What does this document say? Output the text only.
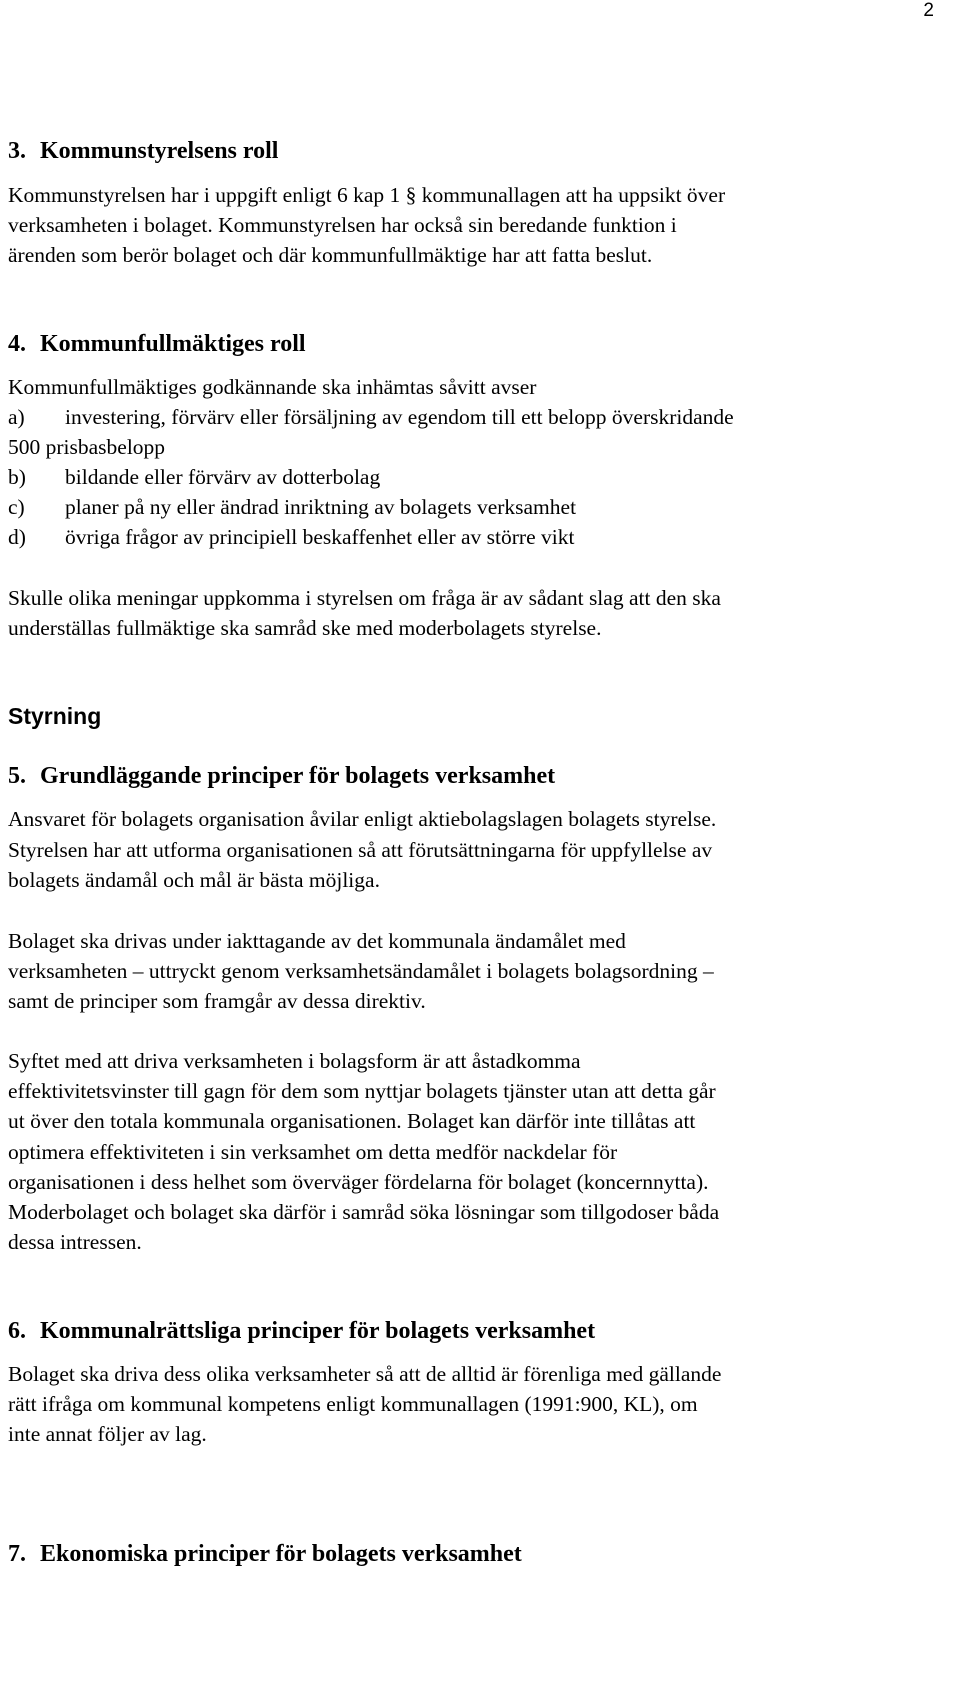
2
3. Kommunstyrelsens roll
Kommunstyrelsen har i uppgift enligt 6 kap 1 § kommunallagen att ha uppsikt över
verksamheten i bolaget. Kommunstyrelsen har också sin beredande funktion i
ärenden som berör bolaget och där kommunfullmäktige har att fatta beslut.
4. Kommunfullmäktiges roll
Kommunfullmäktiges godkännande ska inhämtas såvitt avser
a) investering, förvärv eller försäljning av egendom till ett belopp överskridande
500 prisbasbelopp
b) bildande eller förvärv av dotterbolag
c) planer på ny eller ändrad inriktning av bolagets verksamhet
d) övriga frågor av principiell beskaffenhet eller av större vikt
Skulle olika meningar uppkomma i styrelsen om fråga är av sådant slag att den ska
underställas fullmäktige ska samråd ske med moderbolagets styrelse.
Styrning
5. Grundläggande principer för bolagets verksamhet
Ansvaret för bolagets organisation åvilar enligt aktiebolagslagen bolagets styrelse.
Styrelsen har att utforma organisationen så att förutsättningarna för uppfyllelse av
bolagets ändamål och mål är bästa möjliga.
Bolaget ska drivas under iakttagande av det kommunala ändamålet med
verksamheten – uttryckt genom verksamhetsändamålet i bolagets bolagsordning –
samt de principer som framgår av dessa direktiv.
Syftet med att driva verksamheten i bolagsform är att åstadkomma
effektivitetsvinster till gagn för dem som nyttjar bolagets tjänster utan att detta går
ut över den totala kommunala organisationen. Bolaget kan därför inte tillåtas att
optimera effektiviteten i sin verksamhet om detta medför nackdelar för
organisationen i dess helhet som överväger fördelarna för bolaget (koncernnytta).
Moderbolaget och bolaget ska därför i samråd söka lösningar som tillgodoser båda
dessa intressen.
6. Kommunalrättsliga principer för bolagets verksamhet
Bolaget ska driva dess olika verksamheter så att de alltid är förenliga med gällande
rätt ifråga om kommunal kompetens enligt kommunallagen (1991:900, KL), om
inte annat följer av lag.
7. Ekonomiska principer för bolagets verksamhet
